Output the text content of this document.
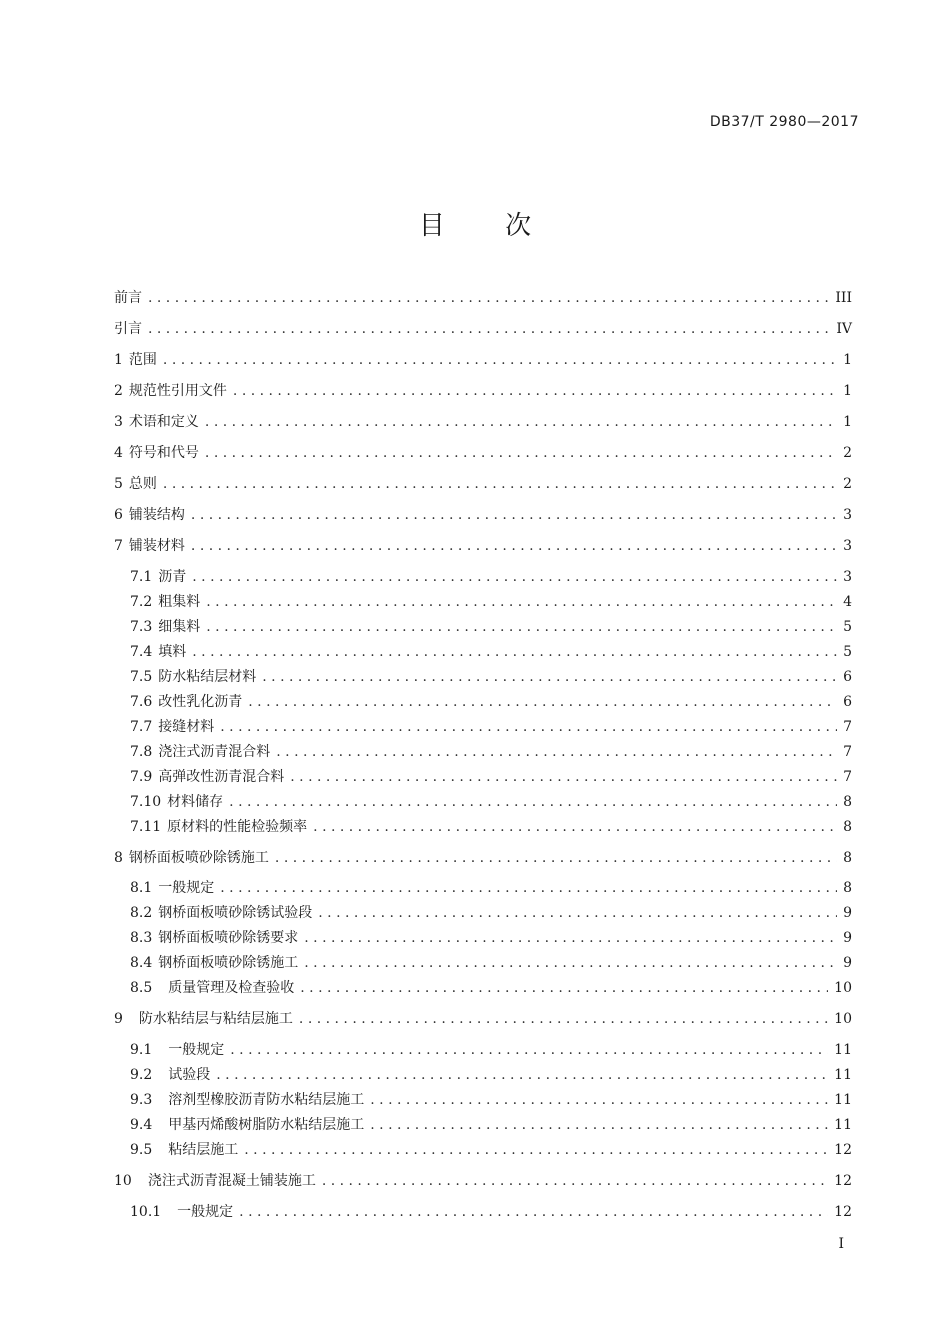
DB37/T 2980—2017
目 次
前言 . . .	III
引言 . . .	IV
1 范围 . . .	1
2 规范性引用文件 . . .	1
3 术语和定义 . . .	1
4 符号和代号 . . .	2
5 总则 . . .	2
6 铺装结构 . . .	3
7 铺装材料 . . .	3
7.1 沥青 . . .	3
7.2 粗集料 . . .	4
7.3 细集料 . . .	5
7.4 填料 . . .	5
7.5 防水粘结层材料 . . .	6
7.6 改性乳化沥青 . . .	6
7.7 接缝材料 . . .	7
7.8 浇注式沥青混合料 . . .	7
7.9 高弹改性沥青混合料 . . .	7
7.10 材料储存 . . .	8
7.11 原材料的性能检验频率 . . .	8
8 钢桥面板喷砂除锈施工 . . .	8
8.1 一般规定 . . .	8
8.2 钢桥面板喷砂除锈试验段 . . .	9
8.3 钢桥面板喷砂除锈要求 . . .	9
8.4 钢桥面板喷砂除锈施工 . . .	9
8.5 质量管理及检查验收 . . .	10
9 防水粘结层与粘结层施工 . . .	10
9.1 一般规定 . . .	11
9.2 试验段 . . .	11
9.3 溶剂型橡胶沥青防水粘结层施工 . . .	11
9.4 甲基丙烯酸树脂防水粘结层施工 . . .	11
9.5 粘结层施工 . . .	12
10 浇注式沥青混凝土铺装施工 . . .	12
10.1 一般规定 . . .	12
I
